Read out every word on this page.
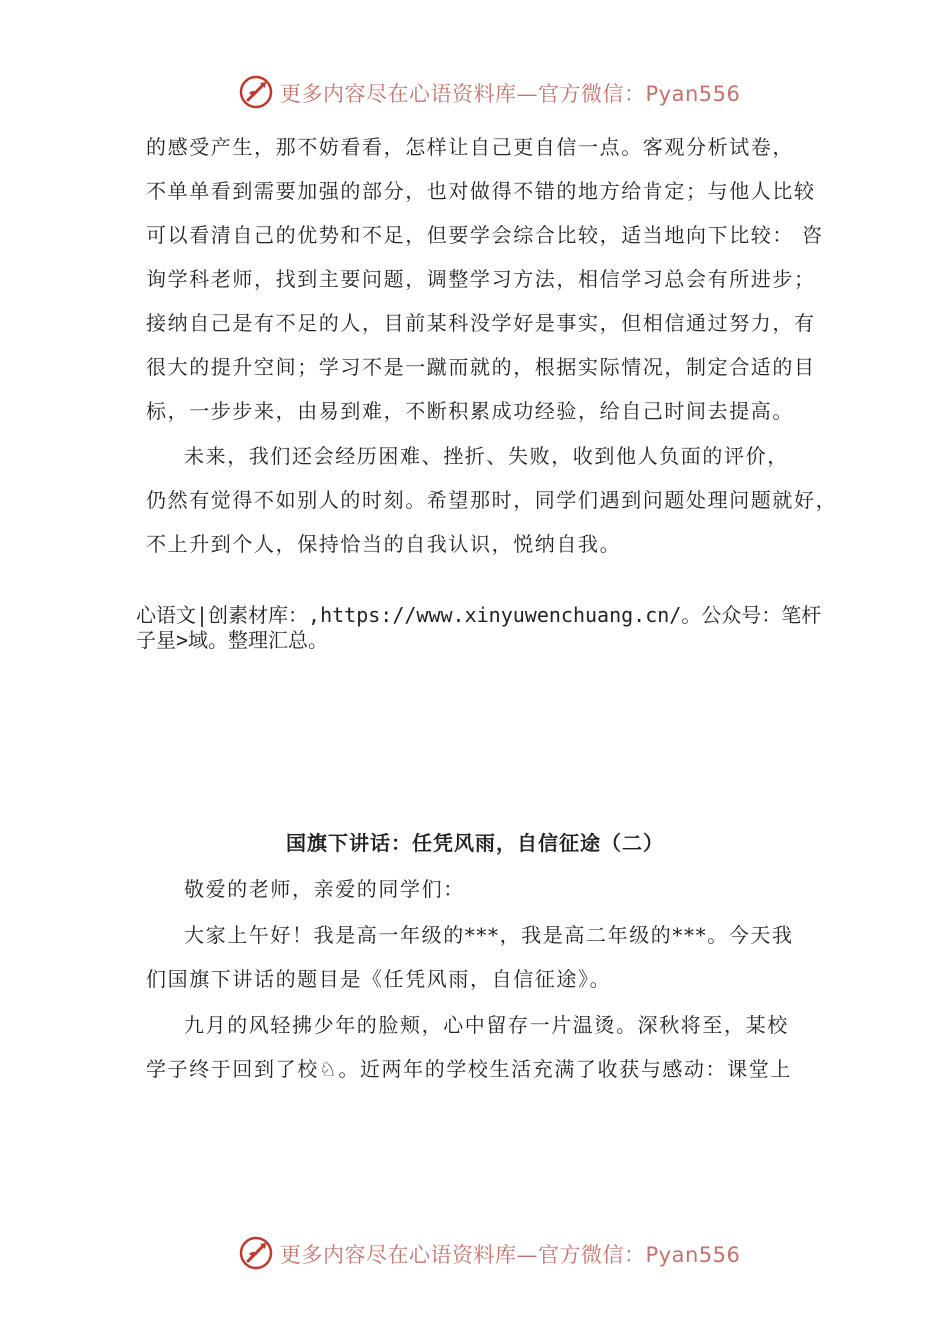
更多内容尽在心语资料库—官方微信：Pyan556
的感受产生，那不妨看看，怎样让自己更自信一点。客观分析试卷，
不单单看到需要加强的部分，也对做得不错的地方给肯定；与他人比较
可以看清自己的优势和不足，但要学会综合比较，适当地向下比较： 咨
询学科老师，找到主要问题，调整学习方法，相信学习总会有所进步；
接纳自己是有不足的人，目前某科没学好是事实，但相信通过努力，有
很大的提升空间；学习不是一蹴而就的，根据实际情况，制定合适的目
标，一步步来，由易到难，不断积累成功经验，给自己时间去提高。
未来，我们还会经历困难、挫折、失败，收到他人负面的评价，
仍然有觉得不如别人的时刻。希望那时，同学们遇到问题处理问题就好，
不上升到个人，保持恰当的自我认识，悦纳自我。
心语文|创素材库：,https://www.xinyuwenchuang.cn/。公众号：笔杆
子星>域。整理汇总。
国旗下讲话：任凭风雨，自信征途（二）
敬爱的老师，亲爱的同学们：
大家上午好！我是高一年级的***，我是高二年级的***。今天我
们国旗下讲话的题目是《任凭风雨，自信征途》。
九月的风轻拂少年的脸颊，心中留存一片温烫。深秋将至，某校
学子终于回到了校♘。近两年的学校生活充满了收获与感动：课堂上
更多内容尽在心语资料库—官方微信：Pyan556
